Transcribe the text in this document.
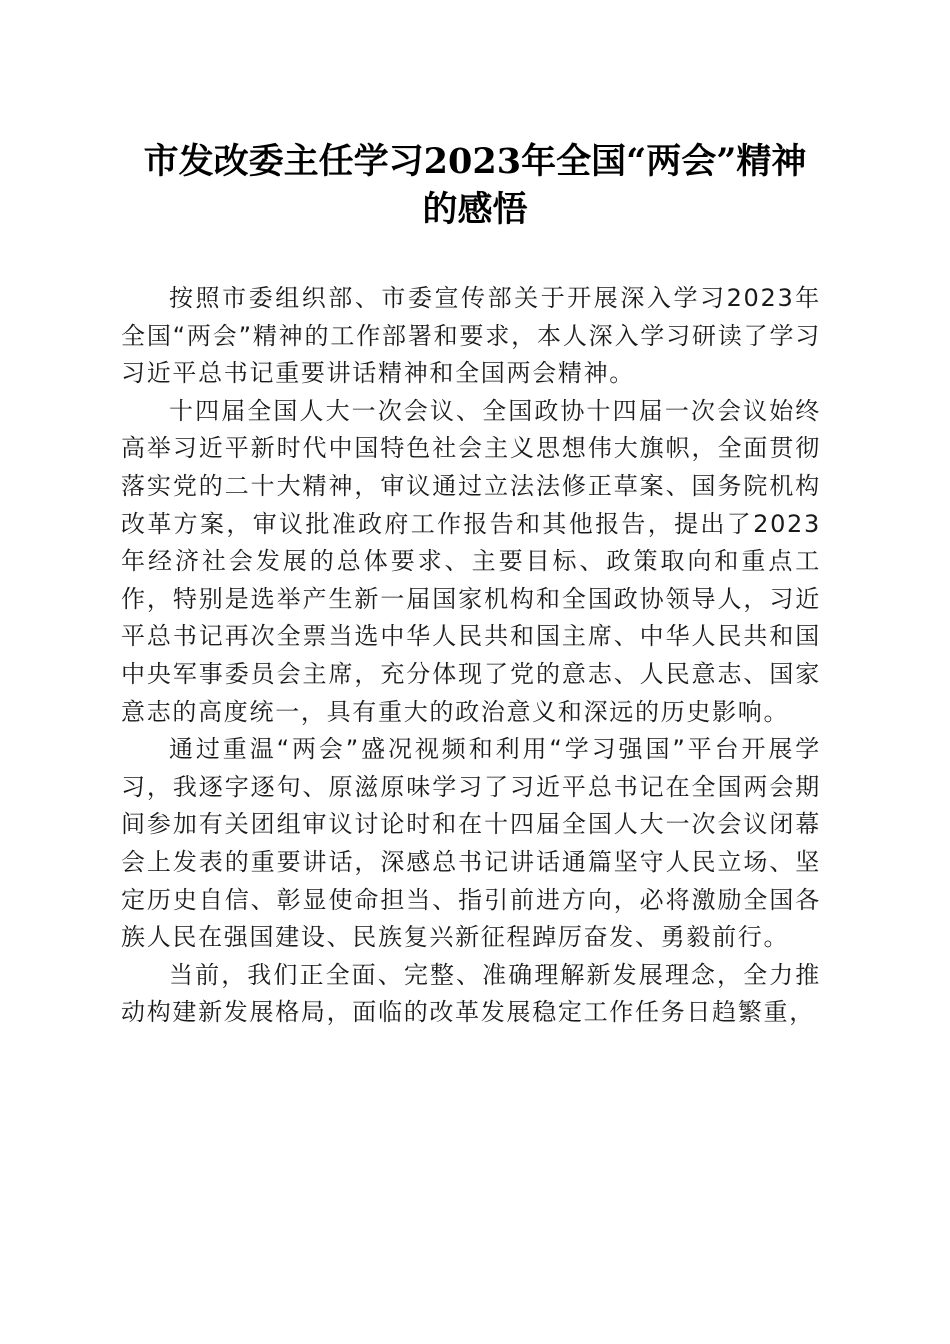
市发改委主任学习2023年全国“两会”精神
的感悟

按照市委组织部、市委宣传部关于开展深入学习2023年全国“两会”精神的工作部署和要求，本人深入学习研读了学习习近平总书记重要讲话精神和全国两会精神。

十四届全国人大一次会议、全国政协十四届一次会议始终高举习近平新时代中国特色社会主义思想伟大旗帜，全面贯彻落实党的二十大精神，审议通过立法法修正草案、国务院机构改革方案，审议批准政府工作报告和其他报告，提出了2023年经济社会发展的总体要求、主要目标、政策取向和重点工作，特别是选举产生新一届国家机构和全国政协领导人，习近平总书记再次全票当选中华人民共和国主席、中华人民共和国中央军事委员会主席，充分体现了党的意志、人民意志、国家意志的高度统一，具有重大的政治意义和深远的历史影响。

通过重温“两会”盛况视频和利用“学习强国”平台开展学习，我逐字逐句、原滋原味学习了习近平总书记在全国两会期间参加有关团组审议讨论时和在十四届全国人大一次会议闭幕会上发表的重要讲话，深感总书记讲话通篇坚守人民立场、坚定历史自信、彰显使命担当、指引前进方向，必将激励全国各族人民在强国建设、民族复兴新征程踔厉奋发、勇毅前行。

当前，我们正全面、完整、准确理解新发展理念，全力推动构建新发展格局，面临的改革发展稳定工作任务日趋繁重，
